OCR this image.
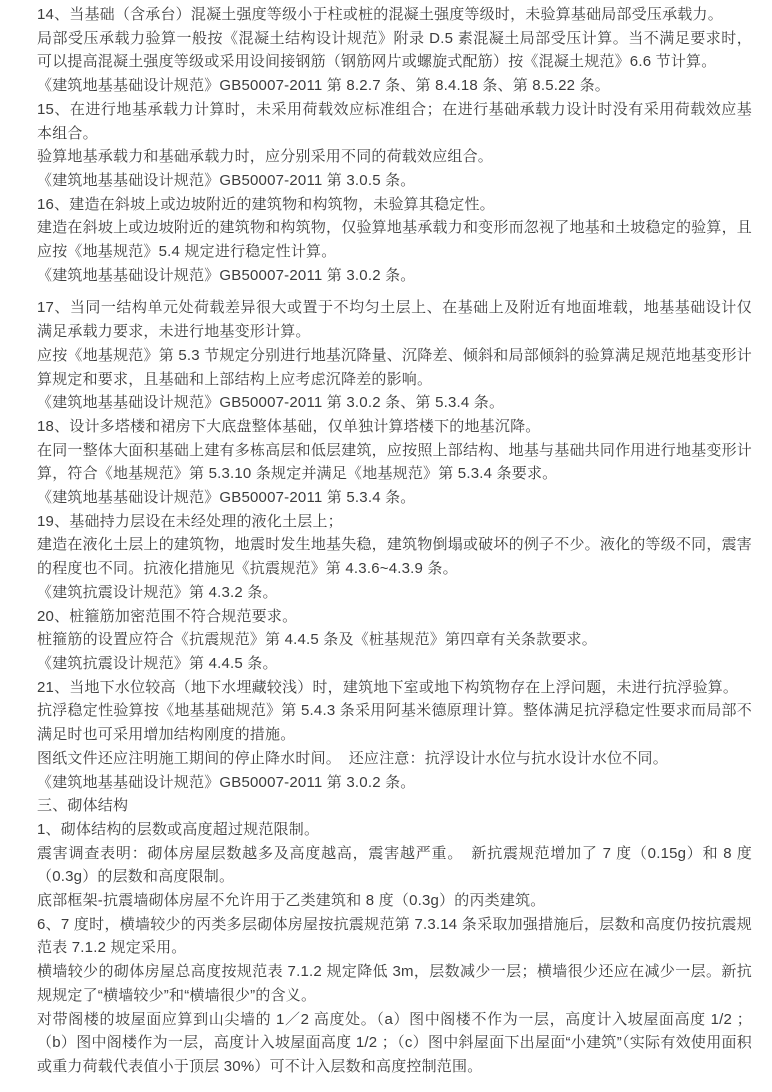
14、当基础（含承台）混凝土强度等级小于柱或桩的混凝土强度等级时，未验算基础局部受压承载力。
局部受压承载力验算一般按《混凝土结构设计规范》附录 D.5 素混凝土局部受压计算。当不满足要求时，可以提高混凝土强度等级或采用设间接钢筋（钢筋网片或螺旋式配筋）按《混凝土规范》6.6 节计算。
《建筑地基基础设计规范》GB50007-2011 第 8.2.7 条、第 8.4.18 条、第 8.5.22 条。
15、在进行地基承载力计算时，未采用荷载效应标准组合；在进行基础承载力设计时没有采用荷载效应基本组合。
验算地基承载力和基础承载力时，应分别采用不同的荷载效应组合。
《建筑地基基础设计规范》GB50007-2011 第 3.0.5 条。
16、建造在斜坡上或边坡附近的建筑物和构筑物，未验算其稳定性。
建造在斜坡上或边坡附近的建筑物和构筑物，仅验算地基承载力和变形而忽视了地基和土坡稳定的验算，且应按《地基规范》5.4 规定进行稳定性计算。
《建筑地基基础设计规范》GB50007-2011 第 3.0.2 条。
17、当同一结构单元处荷载差异很大或置于不均匀土层上、在基础上及附近有地面堆载，地基基础设计仅满足承载力要求，未进行地基变形计算。
应按《地基规范》第 5.3 节规定分别进行地基沉降量、沉降差、倾斜和局部倾斜的验算满足规范地基变形计算规定和要求，且基础和上部结构上应考虑沉降差的影响。
《建筑地基基础设计规范》GB50007-2011 第 3.0.2 条、第 5.3.4 条。
18、设计多塔楼和裙房下大底盘整体基础，仅单独计算塔楼下的地基沉降。
在同一整体大面积基础上建有多栋高层和低层建筑，应按照上部结构、地基与基础共同作用进行地基变形计算，符合《地基规范》第 5.3.10 条规定并满足《地基规范》第 5.3.4 条要求。
《建筑地基基础设计规范》GB50007-2011 第 5.3.4 条。
19、基础持力层设在未经处理的液化土层上；
建造在液化土层上的建筑物，地震时发生地基失稳，建筑物倒塌或破坏的例子不少。液化的等级不同，震害的程度也不同。抗液化措施见《抗震规范》第 4.3.6~4.3.9 条。
《建筑抗震设计规范》第 4.3.2 条。
20、桩箍筋加密范围不符合规范要求。
桩箍筋的设置应符合《抗震规范》第 4.4.5 条及《桩基规范》第四章有关条款要求。
《建筑抗震设计规范》第 4.4.5 条。
21、当地下水位较高（地下水埋藏较浅）时，建筑地下室或地下构筑物存在上浮问题，未进行抗浮验算。
抗浮稳定性验算按《地基基础规范》第 5.4.3 条采用阿基米德原理计算。整体满足抗浮稳定性要求而局部不满足时也可采用增加结构刚度的措施。
图纸文件还应注明施工期间的停止降水时间。　还应注意：抗浮设计水位与抗水设计水位不同。
《建筑地基基础设计规范》GB50007-2011 第 3.0.2 条。
三、砌体结构
1、砌体结构的层数或高度超过规范限制。
震害调查表明：砌体房屋层数越多及高度越高，震害越严重。　新抗震规范增加了 7 度（0.15g）和 8 度（0.3g）的层数和高度限制。
底部框架-抗震墙砌体房屋不允许用于乙类建筑和 8 度（0.3g）的丙类建筑。
6、7 度时，横墙较少的丙类多层砌体房屋按抗震规范第 7.3.14 条采取加强措施后，层数和高度仍按抗震规范表 7.1.2 规定采用。
横墙较少的砌体房屋总高度按规范表 7.1.2 规定降低 3m，层数减少一层；横墙很少还应在减少一层。新抗规规定了“横墙较少”和“横墙很少”的含义。
对带阁楼的坡屋面应算到山尖墙的 1／2 高度处。（a）图中阁楼不作为一层，高度计入坡屋面高度 1/2 ；（b）图中阁楼作为一层，高度计入坡屋面高度 1/2 ；（c）图中斜屋面下出屋面“小建筑”（实际有效使用面积或重力荷载代表值小于顶层 30%）可不计入层数和高度控制范围。
